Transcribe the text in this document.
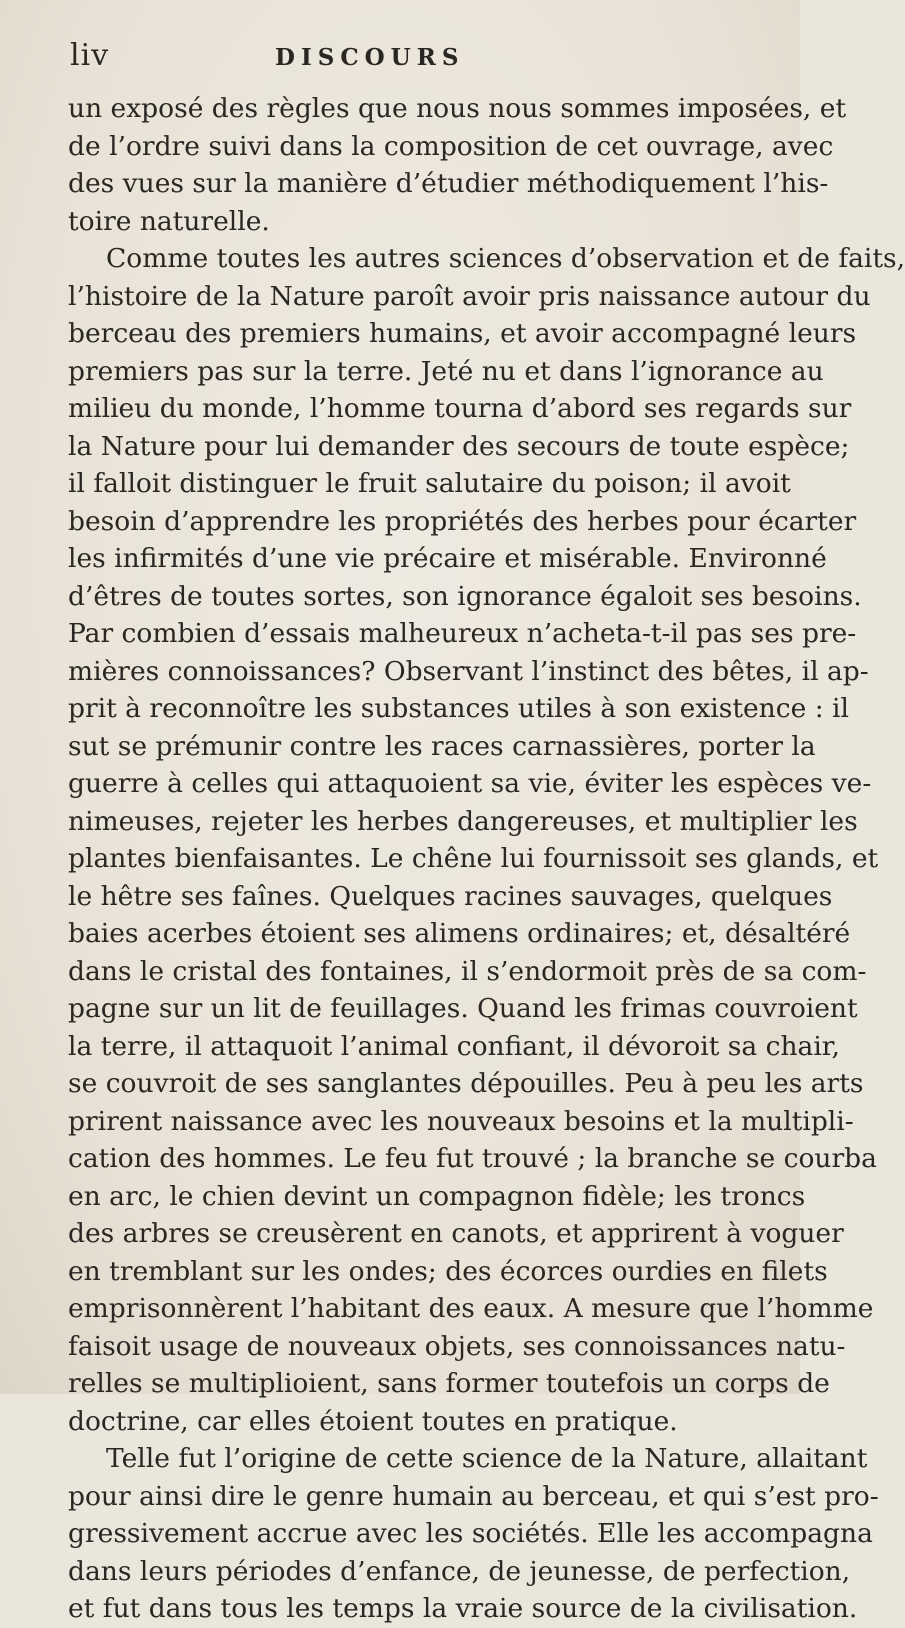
liv	DISCOURS
un exposé des règles que nous nous sommes imposées, et
de l’ordre suivi dans la composition de cet ouvrage, avec
des vues sur la manière d’étudier méthodiquement l’his-
toire naturelle.
Comme toutes les autres sciences d’observation et de faits,
l’histoire de la Nature paroît avoir pris naissance autour du
berceau des premiers humains, et avoir accompagné leurs
premiers pas sur la terre. Jeté nu et dans l’ignorance au
milieu du monde, l’homme tourna d’abord ses regards sur
la Nature pour lui demander des secours de toute espèce;
il falloit distinguer le fruit salutaire du poison; il avoit
besoin d’apprendre les propriétés des herbes pour écarter
les infirmités d’une vie précaire et misérable. Environné
d’êtres de toutes sortes, son ignorance égaloit ses besoins.
Par combien d’essais malheureux n’acheta-t-il pas ses pre-
mières connoissances? Observant l’instinct des bêtes, il ap-
prit à reconnoître les substances utiles à son existence : il
sut se prémunir contre les races carnassières, porter la
guerre à celles qui attaquoient sa vie, éviter les espèces ve-
nimeuses, rejeter les herbes dangereuses, et multiplier les
plantes bienfaisantes. Le chêne lui fournissoit ses glands, et
le hêtre ses faînes. Quelques racines sauvages, quelques
baies acerbes étoient ses alimens ordinaires; et, désaltéré
dans le cristal des fontaines, il s’endormoit près de sa com-
pagne sur un lit de feuillages. Quand les frimas couvroient
la terre, il attaquoit l’animal confiant, il dévoroit sa chair,
se couvroit de ses sanglantes dépouilles. Peu à peu les arts
prirent naissance avec les nouveaux besoins et la multipli-
cation des hommes. Le feu fut trouvé ; la branche se courba
en arc, le chien devint un compagnon fidèle; les troncs
des arbres se creusèrent en canots, et apprirent à voguer
en tremblant sur les ondes; des écorces ourdies en filets
emprisonnèrent l’habitant des eaux. A mesure que l’homme
faisoit usage de nouveaux objets, ses connoissances natu-
relles se multiplioient, sans former toutefois un corps de
doctrine, car elles étoient toutes en pratique.
Telle fut l’origine de cette science de la Nature, allaitant
pour ainsi dire le genre humain au berceau, et qui s’est pro-
gressivement accrue avec les sociétés. Elle les accompagna
dans leurs périodes d’enfance, de jeunesse, de perfection,
et fut dans tous les temps la vraie source de la civilisation.
